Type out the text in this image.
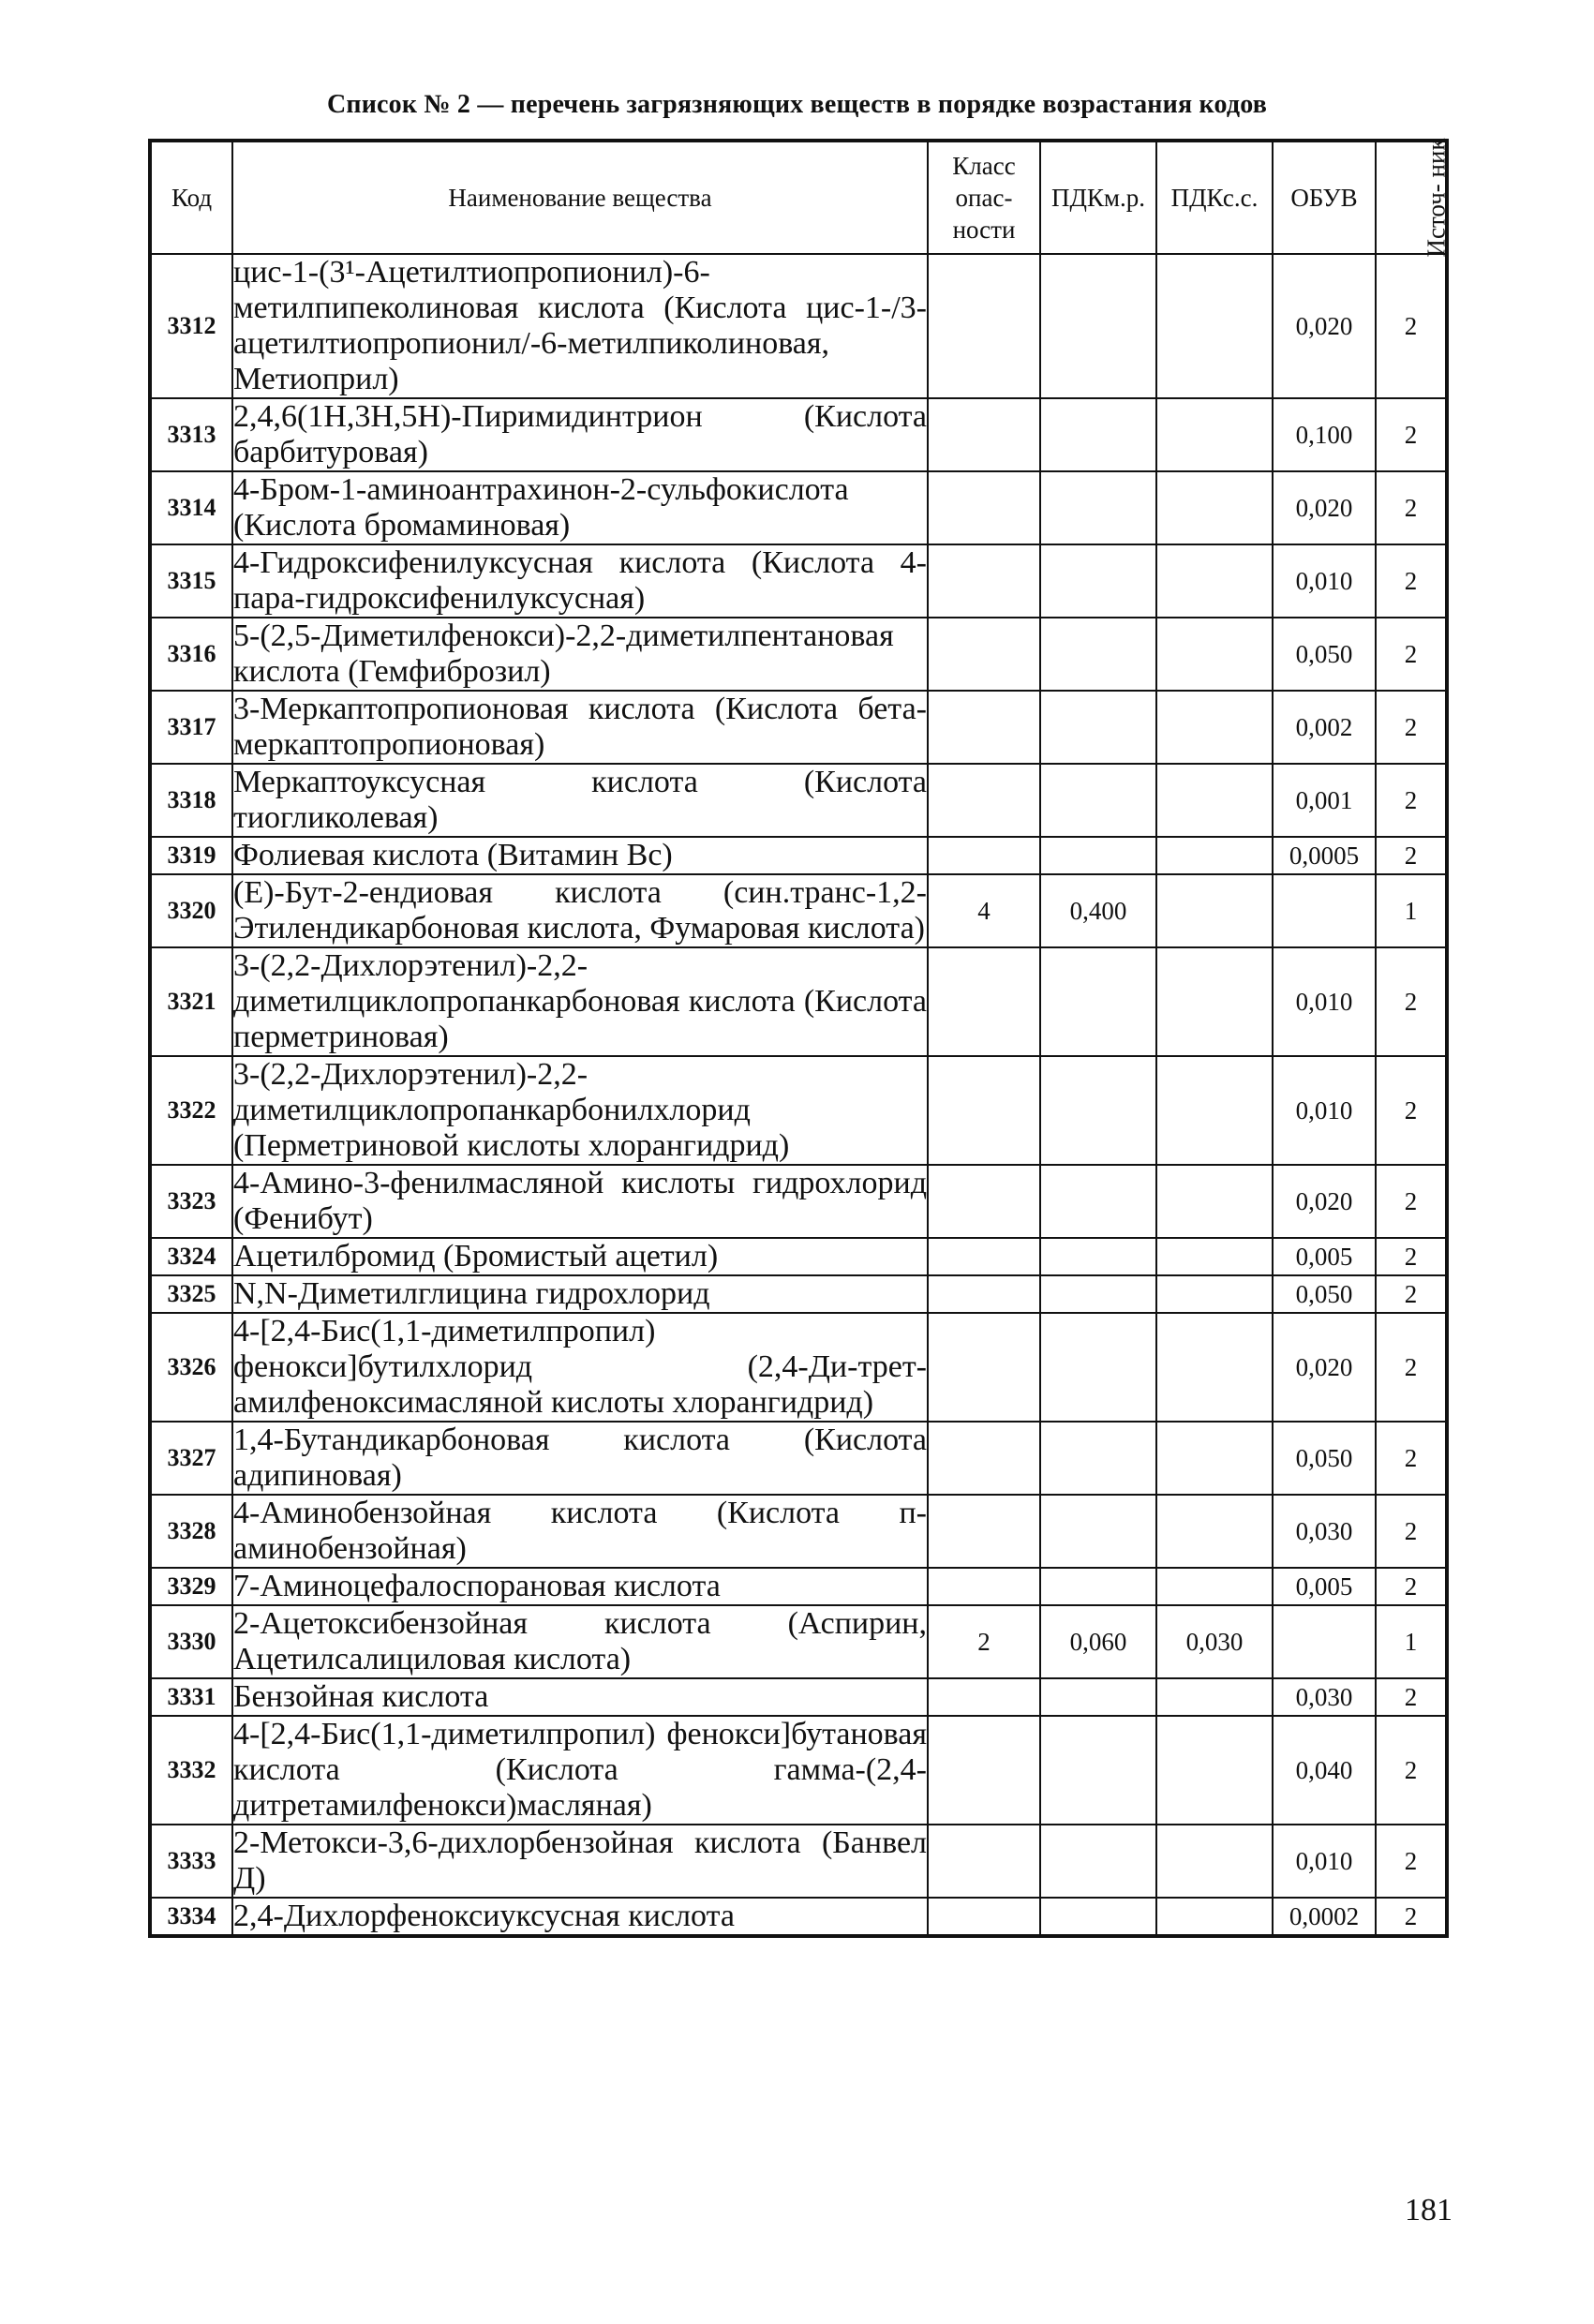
Список № 2 — перечень загрязняющих веществ в порядке возрастания кодов
Код	Наименование вещества	Класс опас- ности	ПДКм.р.	ПДКс.с.	ОБУВ	Источ- ник
3312	цис-1-(3¹-Ацетилтиопропионил)-6-метилпипеколиновая кислота (Кислота цис-1-/3-ацетилтиопропионил/-6-метилпиколиновая, Метиоприл)				0,020	2
3313	2,4,6(1Н,3Н,5Н)-Пиримидинтрион (Кислота барбитуровая)				0,100	2
3314	4-Бром-1-аминоантрахинон-2-сульфокислота (Кислота бромаминовая)				0,020	2
3315	4-Гидроксифенилуксусная кислота (Кислота 4-пара-гидроксифенилуксусная)				0,010	2
3316	5-(2,5-Диметилфенокси)-2,2-диметилпентановая кислота (Гемфиброзил)				0,050	2
3317	3-Меркаптопропионовая кислота (Кислота бета-меркаптопропионовая)				0,002	2
3318	Меркаптоуксусная кислота (Кислота тиогликолевая)				0,001	2
3319	Фолиевая кислота (Витамин Вс)				0,0005	2
3320	(Е)-Бут-2-ендиовая кислота (син.транс-1,2-Этилендикарбоновая кислота, Фумаровая кислота)	4	0,400			1
3321	3-(2,2-Дихлорэтенил)-2,2-диметилциклопропанкарбоновая кислота (Кислота перметриновая)				0,010	2
3322	3-(2,2-Дихлорэтенил)-2,2-диметилциклопропанкарбонилхлорид (Перметриновой кислоты хлорангидрид)				0,010	2
3323	4-Амино-3-фенилмасляной кислоты гидрохлорид (Фенибут)				0,020	2
3324	Ацетилбромид (Бромистый ацетил)				0,005	2
3325	N,N-Диметилглицина гидрохлорид				0,050	2
3326	4-[2,4-Бис(1,1-диметилпропил) фенокси]бутилхлорид (2,4-Ди-трет-амилфеноксимасляной кислоты хлорангидрид)				0,020	2
3327	1,4-Бутандикарбоновая кислота (Кислота адипиновая)				0,050	2
3328	4-Аминобензойная кислота (Кислота п-аминобензойная)				0,030	2
3329	7-Аминоцефалоспорановая кислота				0,005	2
3330	2-Ацетоксибензойная кислота (Аспирин, Ацетилсалициловая кислота)	2	0,060	0,030		1
3331	Бензойная кислота				0,030	2
3332	4-[2,4-Бис(1,1-диметилпропил) фенокси]бутановая кислота (Кислота гамма-(2,4-дитретамилфенокси)масляная)				0,040	2
3333	2-Метокси-3,6-дихлорбензойная кислота (Банвел Д)				0,010	2
3334	2,4-Дихлорфеноксиуксусная кислота				0,0002	2
181
